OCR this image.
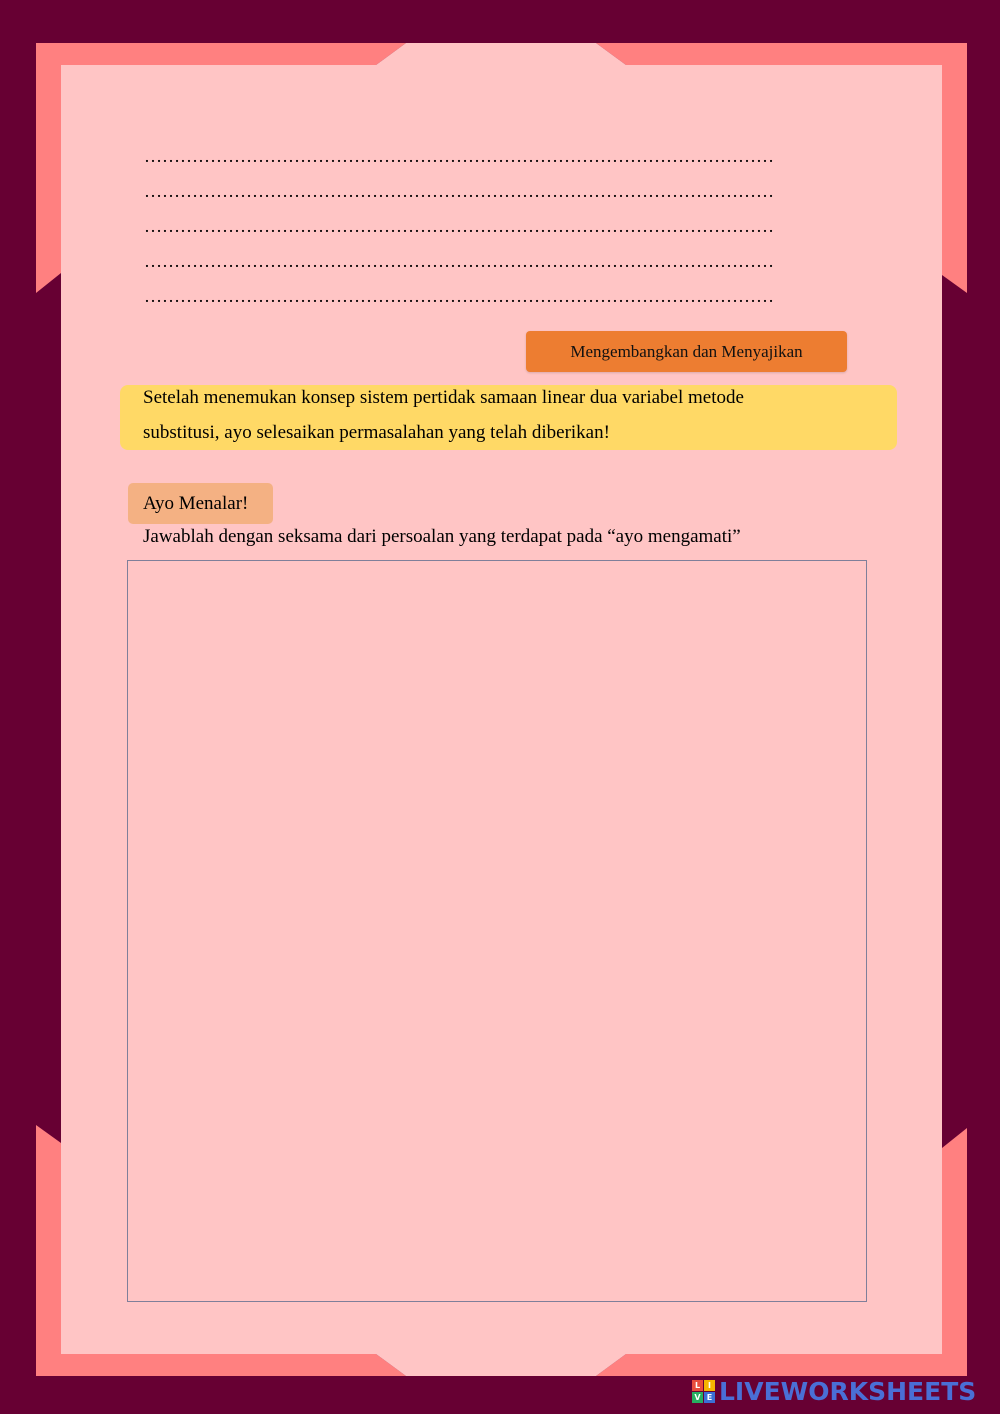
……………………………………………………………………………………………
……………………………………………………………………………………………
……………………………………………………………………………………………
……………………………………………………………………………………………
……………………………………………………………………………………………
Mengembangkan dan Menyajikan
Setelah menemukan konsep sistem pertidak samaan linear dua variabel metode
substitusi, ayo selesaikan permasalahan yang telah diberikan!
Ayo Menalar!
Jawablah dengan seksama dari persoalan yang terdapat pada “ayo mengamati”
L I
V E LIVEWORKSHEETS
